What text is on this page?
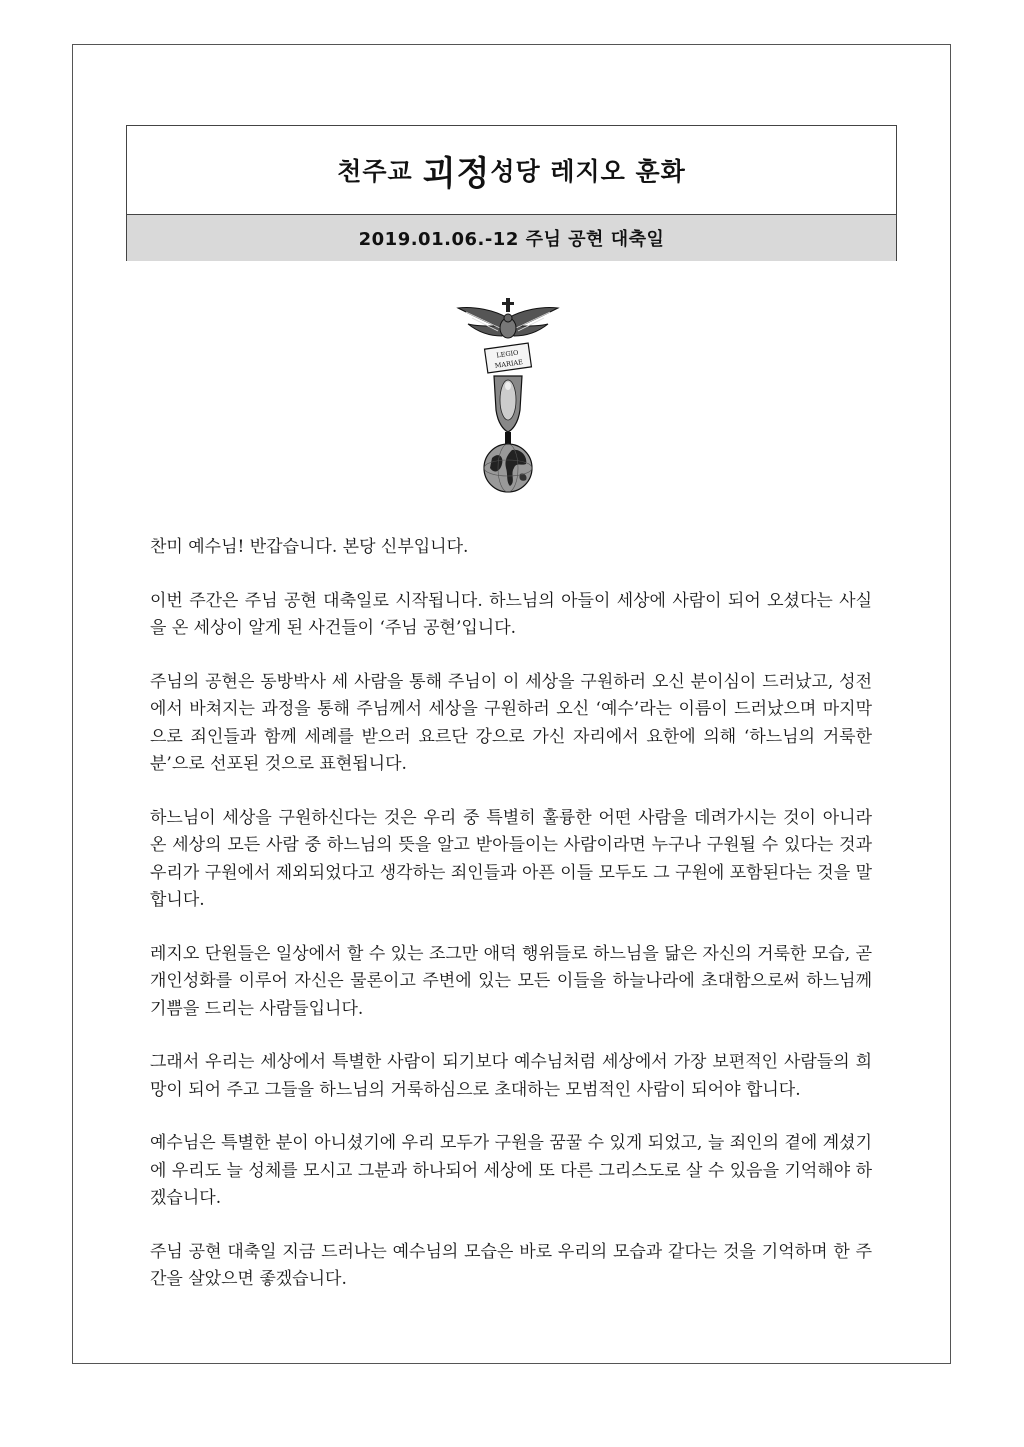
천주교 괴정 성당 레지오 훈화
2019.01.06.-12 주님 공현 대축일
LEGIO
MARIAE

찬미 예수님! 반갑습니다. 본당 신부입니다.

이번 주간은 주님 공현 대축일로 시작됩니다. 하느님의 아들이 세상에 사람이 되어 오셨다는 사실을 온 세상이 알게 된 사건들이 ‘주님 공현’입니다.

주님의 공현은 동방박사 세 사람을 통해 주님이 이 세상을 구원하러 오신 분이심이 드러났고, 성전에서 바쳐지는 과정을 통해 주님께서 세상을 구원하러 오신 ‘예수’라는 이름이 드러났으며 마지막으로 죄인들과 함께 세례를 받으러 요르단 강으로 가신 자리에서 요한에 의해 ‘하느님의 거룩한 분’으로 선포된 것으로 표현됩니다.

하느님이 세상을 구원하신다는 것은 우리 중 특별히 훌륭한 어떤 사람을 데려가시는 것이 아니라 온 세상의 모든 사람 중 하느님의 뜻을 알고 받아들이는 사람이라면 누구나 구원될 수 있다는 것과 우리가 구원에서 제외되었다고 생각하는 죄인들과 아픈 이들 모두도 그 구원에 포함된다는 것을 말합니다.

레지오 단원들은 일상에서 할 수 있는 조그만 애덕 행위들로 하느님을 닮은 자신의 거룩한 모습, 곧 개인성화를 이루어 자신은 물론이고 주변에 있는 모든 이들을 하늘나라에 초대함으로써 하느님께 기쁨을 드리는 사람들입니다.

그래서 우리는 세상에서 특별한 사람이 되기보다 예수님처럼 세상에서 가장 보편적인 사람들의 희망이 되어 주고 그들을 하느님의 거룩하심으로 초대하는 모범적인 사람이 되어야 합니다.

예수님은 특별한 분이 아니셨기에 우리 모두가 구원을 꿈꿀 수 있게 되었고, 늘 죄인의 곁에 계셨기에 우리도 늘 성체를 모시고 그분과 하나되어 세상에 또 다른 그리스도로 살 수 있음을 기억해야 하겠습니다.

주님 공현 대축일 지금 드러나는 예수님의 모습은 바로 우리의 모습과 같다는 것을 기억하며 한 주간을 살았으면 좋겠습니다.
